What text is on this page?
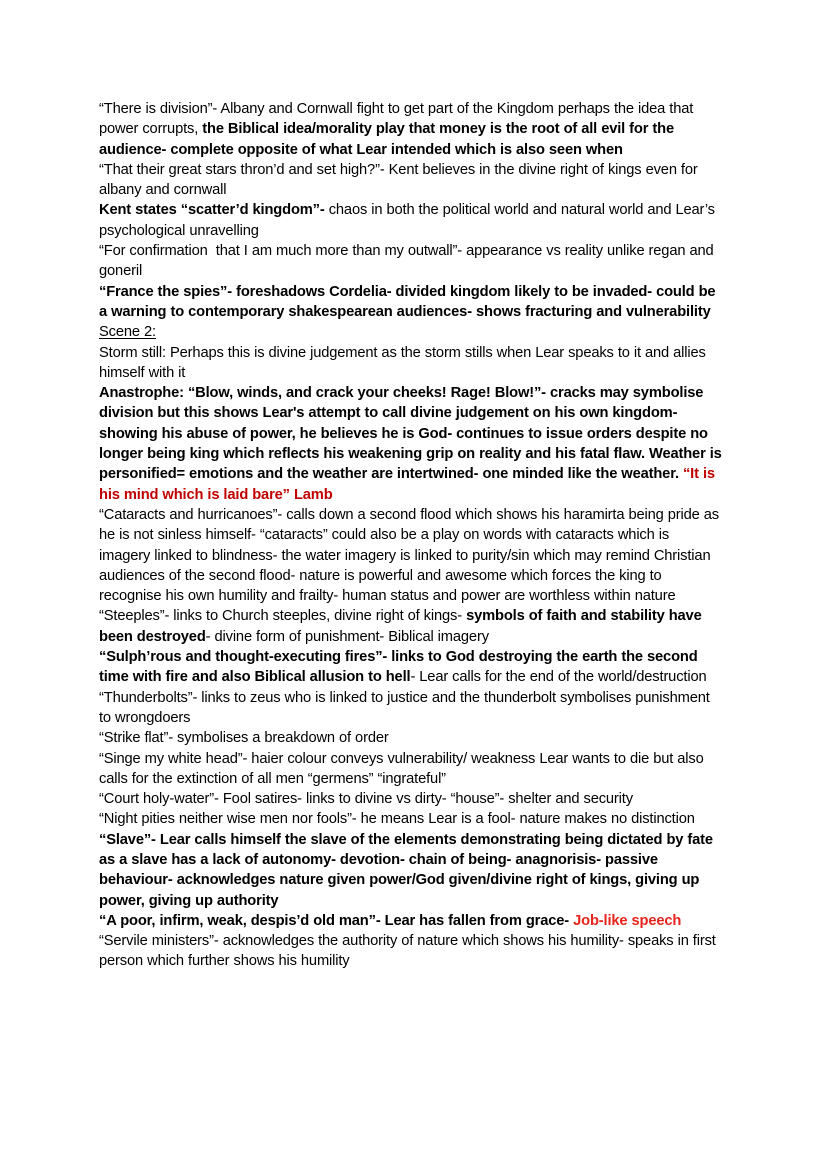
“There is division”- Albany and Cornwall fight to get part of the Kingdom perhaps the idea that power corrupts, the Biblical idea/morality play that money is the root of all evil for the audience- complete opposite of what Lear intended which is also seen when

“That their great stars thron’d and set high?”- Kent believes in the divine right of kings even for albany and cornwall

Kent states “scatter’d kingdom”- chaos in both the political world and natural world and Lear’s psychological unravelling

“For confirmation  that I am much more than my outwall”- appearance vs reality unlike regan and goneril

“France the spies”- foreshadows Cordelia- divided kingdom likely to be invaded- could be a warning to contemporary shakespearean audiences- shows fracturing and vulnerability

Scene 2:

Storm still: Perhaps this is divine judgement as the storm stills when Lear speaks to it and allies himself with it

Anastrophe: “Blow, winds, and crack your cheeks! Rage! Blow!”- cracks may symbolise division but this shows Lear's attempt to call divine judgement on his own kingdom- showing his abuse of power, he believes he is God- continues to issue orders despite no longer being king which reflects his weakening grip on reality and his fatal flaw. Weather is personified= emotions and the weather are intertwined- one minded like the weather. “It is his mind which is laid bare” Lamb

“Cataracts and hurricanoes”- calls down a second flood which shows his haramirta being pride as he is not sinless himself- “cataracts” could also be a play on words with cataracts which is imagery linked to blindness- the water imagery is linked to purity/sin which may remind Christian audiences of the second flood- nature is powerful and awesome which forces the king to recognise his own humility and frailty- human status and power are worthless within nature

“Steeples”- links to Church steeples, divine right of kings- symbols of faith and stability have been destroyed- divine form of punishment- Biblical imagery

“Sulph’rous and thought-executing fires”- links to God destroying the earth the second time with fire and also Biblical allusion to hell- Lear calls for the end of the world/destruction

“Thunderbolts”- links to zeus who is linked to justice and the thunderbolt symbolises punishment to wrongdoers

“Strike flat”- symbolises a breakdown of order

“Singe my white head”- haier colour conveys vulnerability/ weakness Lear wants to die but also calls for the extinction of all men “germens” “ingrateful”

“Court holy-water”- Fool satires- links to divine vs dirty- “house”- shelter and security

“Night pities neither wise men nor fools”- he means Lear is a fool- nature makes no distinction

“Slave”- Lear calls himself the slave of the elements demonstrating being dictated by fate as a slave has a lack of autonomy- devotion- chain of being- anagnorisis- passive behaviour- acknowledges nature given power/God given/divine right of kings, giving up power, giving up authority

“A poor, infirm, weak, despis’d old man”- Lear has fallen from grace- Job-like speech

“Servile ministers”- acknowledges the authority of nature which shows his humility- speaks in first person which further shows his humility
